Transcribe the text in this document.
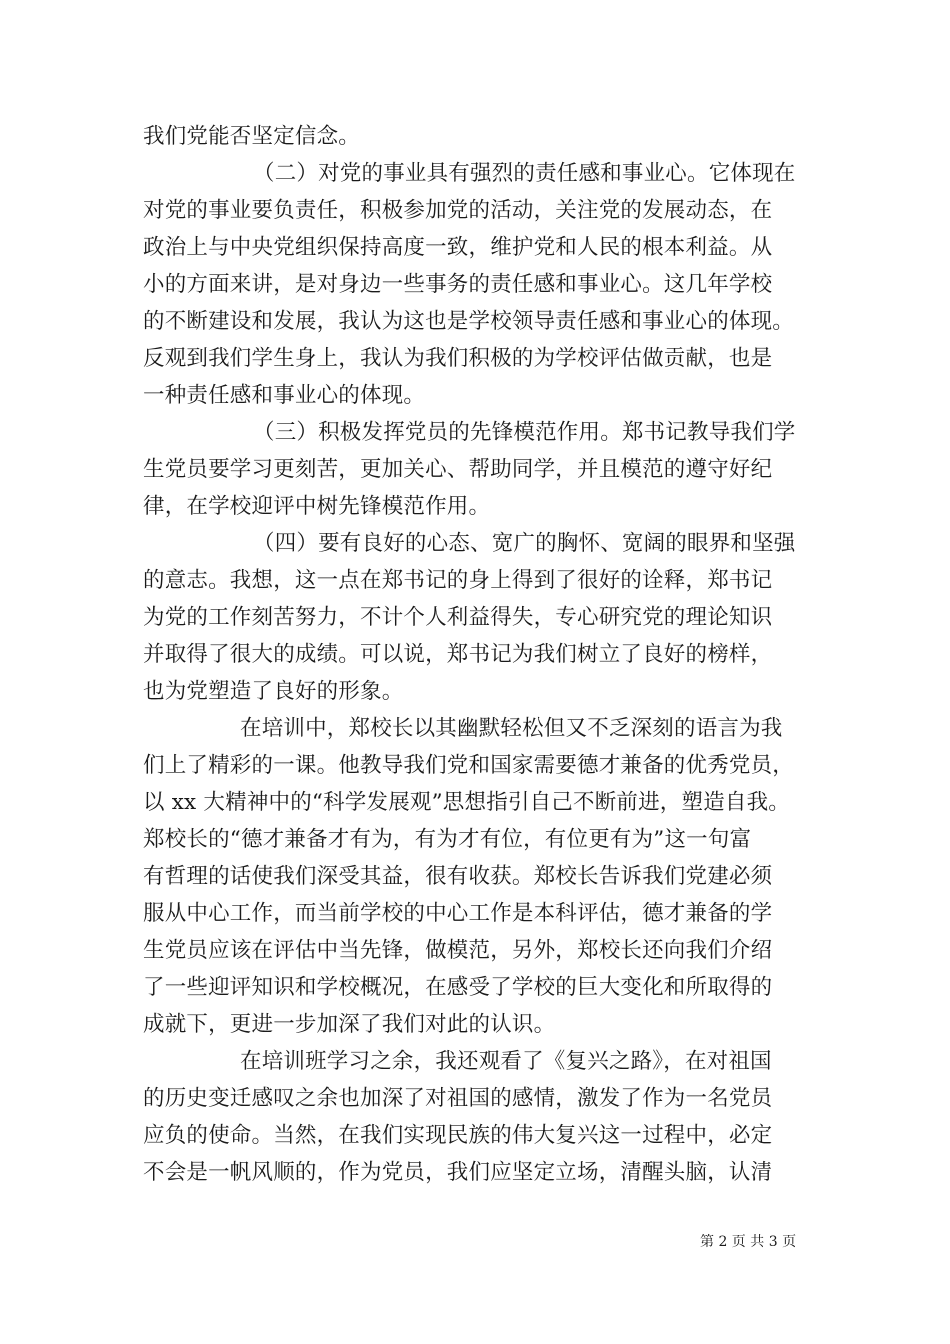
我们党能否坚定信念。
（二）对党的事业具有强烈的责任感和事业心。它体现在
对党的事业要负责任，积极参加党的活动，关注党的发展动态，在
政治上与中央党组织保持高度一致，维护党和人民的根本利益。从
小的方面来讲，是对身边一些事务的责任感和事业心。这几年学校
的不断建设和发展，我认为这也是学校领导责任感和事业心的体现。
反观到我们学生身上，我认为我们积极的为学校评估做贡献，也是
一种责任感和事业心的体现。
（三）积极发挥党员的先锋模范作用。郑书记教导我们学
生党员要学习更刻苦，更加关心、帮助同学，并且模范的遵守好纪
律，在学校迎评中树先锋模范作用。
（四）要有良好的心态、宽广的胸怀、宽阔的眼界和坚强
的意志。我想，这一点在郑书记的身上得到了很好的诠释，郑书记
为党的工作刻苦努力，不计个人利益得失，专心研究党的理论知识
并取得了很大的成绩。可以说，郑书记为我们树立了良好的榜样，
也为党塑造了良好的形象。
在培训中，郑校长以其幽默轻松但又不乏深刻的语言为我
们上了精彩的一课。他教导我们党和国家需要德才兼备的优秀党员，
以 xx 大精神中的“科学发展观”思想指引自己不断前进，塑造自我。
郑校长的“德才兼备才有为，有为才有位，有位更有为”这一句富
有哲理的话使我们深受其益，很有收获。郑校长告诉我们党建必须
服从中心工作，而当前学校的中心工作是本科评估，德才兼备的学
生党员应该在评估中当先锋，做模范，另外，郑校长还向我们介绍
了一些迎评知识和学校概况，在感受了学校的巨大变化和所取得的
成就下，更进一步加深了我们对此的认识。
在培训班学习之余，我还观看了《复兴之路》，在对祖国
的历史变迁感叹之余也加深了对祖国的感情，激发了作为一名党员
应负的使命。当然，在我们实现民族的伟大复兴这一过程中，必定
不会是一帆风顺的，作为党员，我们应坚定立场，清醒头脑，认清
第 2 页 共 3 页
